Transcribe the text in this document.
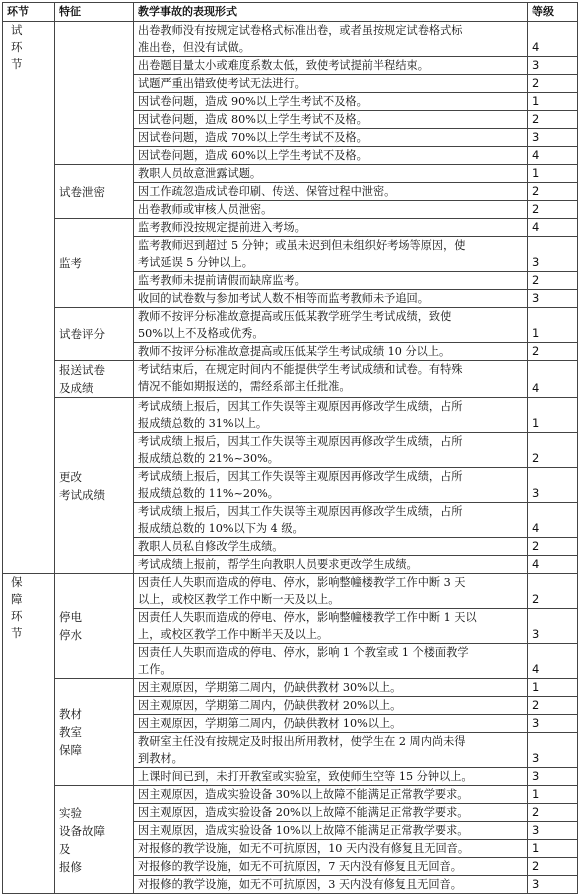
环节	特征	教学事故的表现形式	等级
试
环
节		出卷教师没有按规定试卷格式标准出卷，或者虽按规定试卷格式标
准出卷，但没有试做。	4
		出卷题目量太小或难度系数太低，致使考试提前半程结束。	3
		试题严重出错致使考试无法进行。	2
		因试卷问题，造成 90%以上学生考试不及格。	1
		因试卷问题，造成 80%以上学生考试不及格。	2
		因试卷问题，造成 70%以上学生考试不及格。	3
		因试卷问题，造成 60%以上学生考试不及格。	4
	试卷泄密	教职人员故意泄露试题。	1
		因工作疏忽造成试卷印刷、传送、保管过程中泄密。	2
		出卷教师或审核人员泄密。	2
	监考	监考教师没按规定提前进入考场。	4
		监考教师迟到超过 5 分钟；或虽未迟到但未组织好考场等原因，使
考试延误 5 分钟以上。	3
		监考教师未提前请假而缺席监考。	2
		收回的试卷数与参加考试人数不相等而监考教师未予追回。	3
	试卷评分	教师不按评分标准故意提高或压低某教学班学生考试成绩，致使
50%以上不及格或优秀。	1
		教师不按评分标准故意提高或压低某学生考试成绩 10 分以上。	2
	报送试卷
及成绩	考试结束后，在规定时间内不能提供学生考试成绩和试卷。有特殊
情况不能如期报送的，需经系部主任批准。	4
	更改
考试成绩	考试成绩上报后，因其工作失误等主观原因再修改学生成绩，占所
报成绩总数的 31%以上。	1
		考试成绩上报后，因其工作失误等主观原因再修改学生成绩，占所
报成绩总数的 21%~30%。	2
		考试成绩上报后，因其工作失误等主观原因再修改学生成绩，占所
报成绩总数的 11%~20%。	3
		考试成绩上报后，因其工作失误等主观原因再修改学生成绩，占所
报成绩总数的 10%以下为 4 级。	4
		教职人员私自修改学生成绩。	2
		考试成绩上报前，帮学生向教职人员要求更改学生成绩。	4
保
障
环
节	停电
停水	因责任人失职而造成的停电、停水，影响整幢楼教学工作中断 3 天
以上，或校区教学工作中断一天及以上。	2
		因责任人失职而造成的停电、停水，影响整幢楼教学工作中断 1 天以
上，或校区教学工作中断半天及以上。	3
		因责任人失职而造成的停电、停水，影响 1 个教室或 1 个楼面教学
工作。	4
	教材
教室
保障	因主观原因，学期第二周内，仍缺供教材 30%以上。	1
		因主观原因，学期第二周内，仍缺供教材 20%以上。	2
		因主观原因，学期第二周内，仍缺供教材 10%以上。	3
		教研室主任没有按规定及时报出所用教材，使学生在 2 周内尚未得
到教材。	3
		上课时间已到，未打开教室或实验室，致使师生空等 15 分钟以上。	3
	实验
设备故障
及
报修	因主观原因，造成实验设备 30%以上故障不能满足正常教学要求。	1
		因主观原因，造成实验设备 20%以上故障不能满足正常教学要求。	2
		因主观原因，造成实验设备 10%以上故障不能满足正常教学要求。	3
		对报修的教学设施，如无不可抗原因，10 天内没有修复且无回音。	1
		对报修的教学设施，如无不可抗原因，7 天内没有修复且无回音。	2
		对报修的教学设施，如无不可抗原因，3 天内没有修复且无回音。	3
